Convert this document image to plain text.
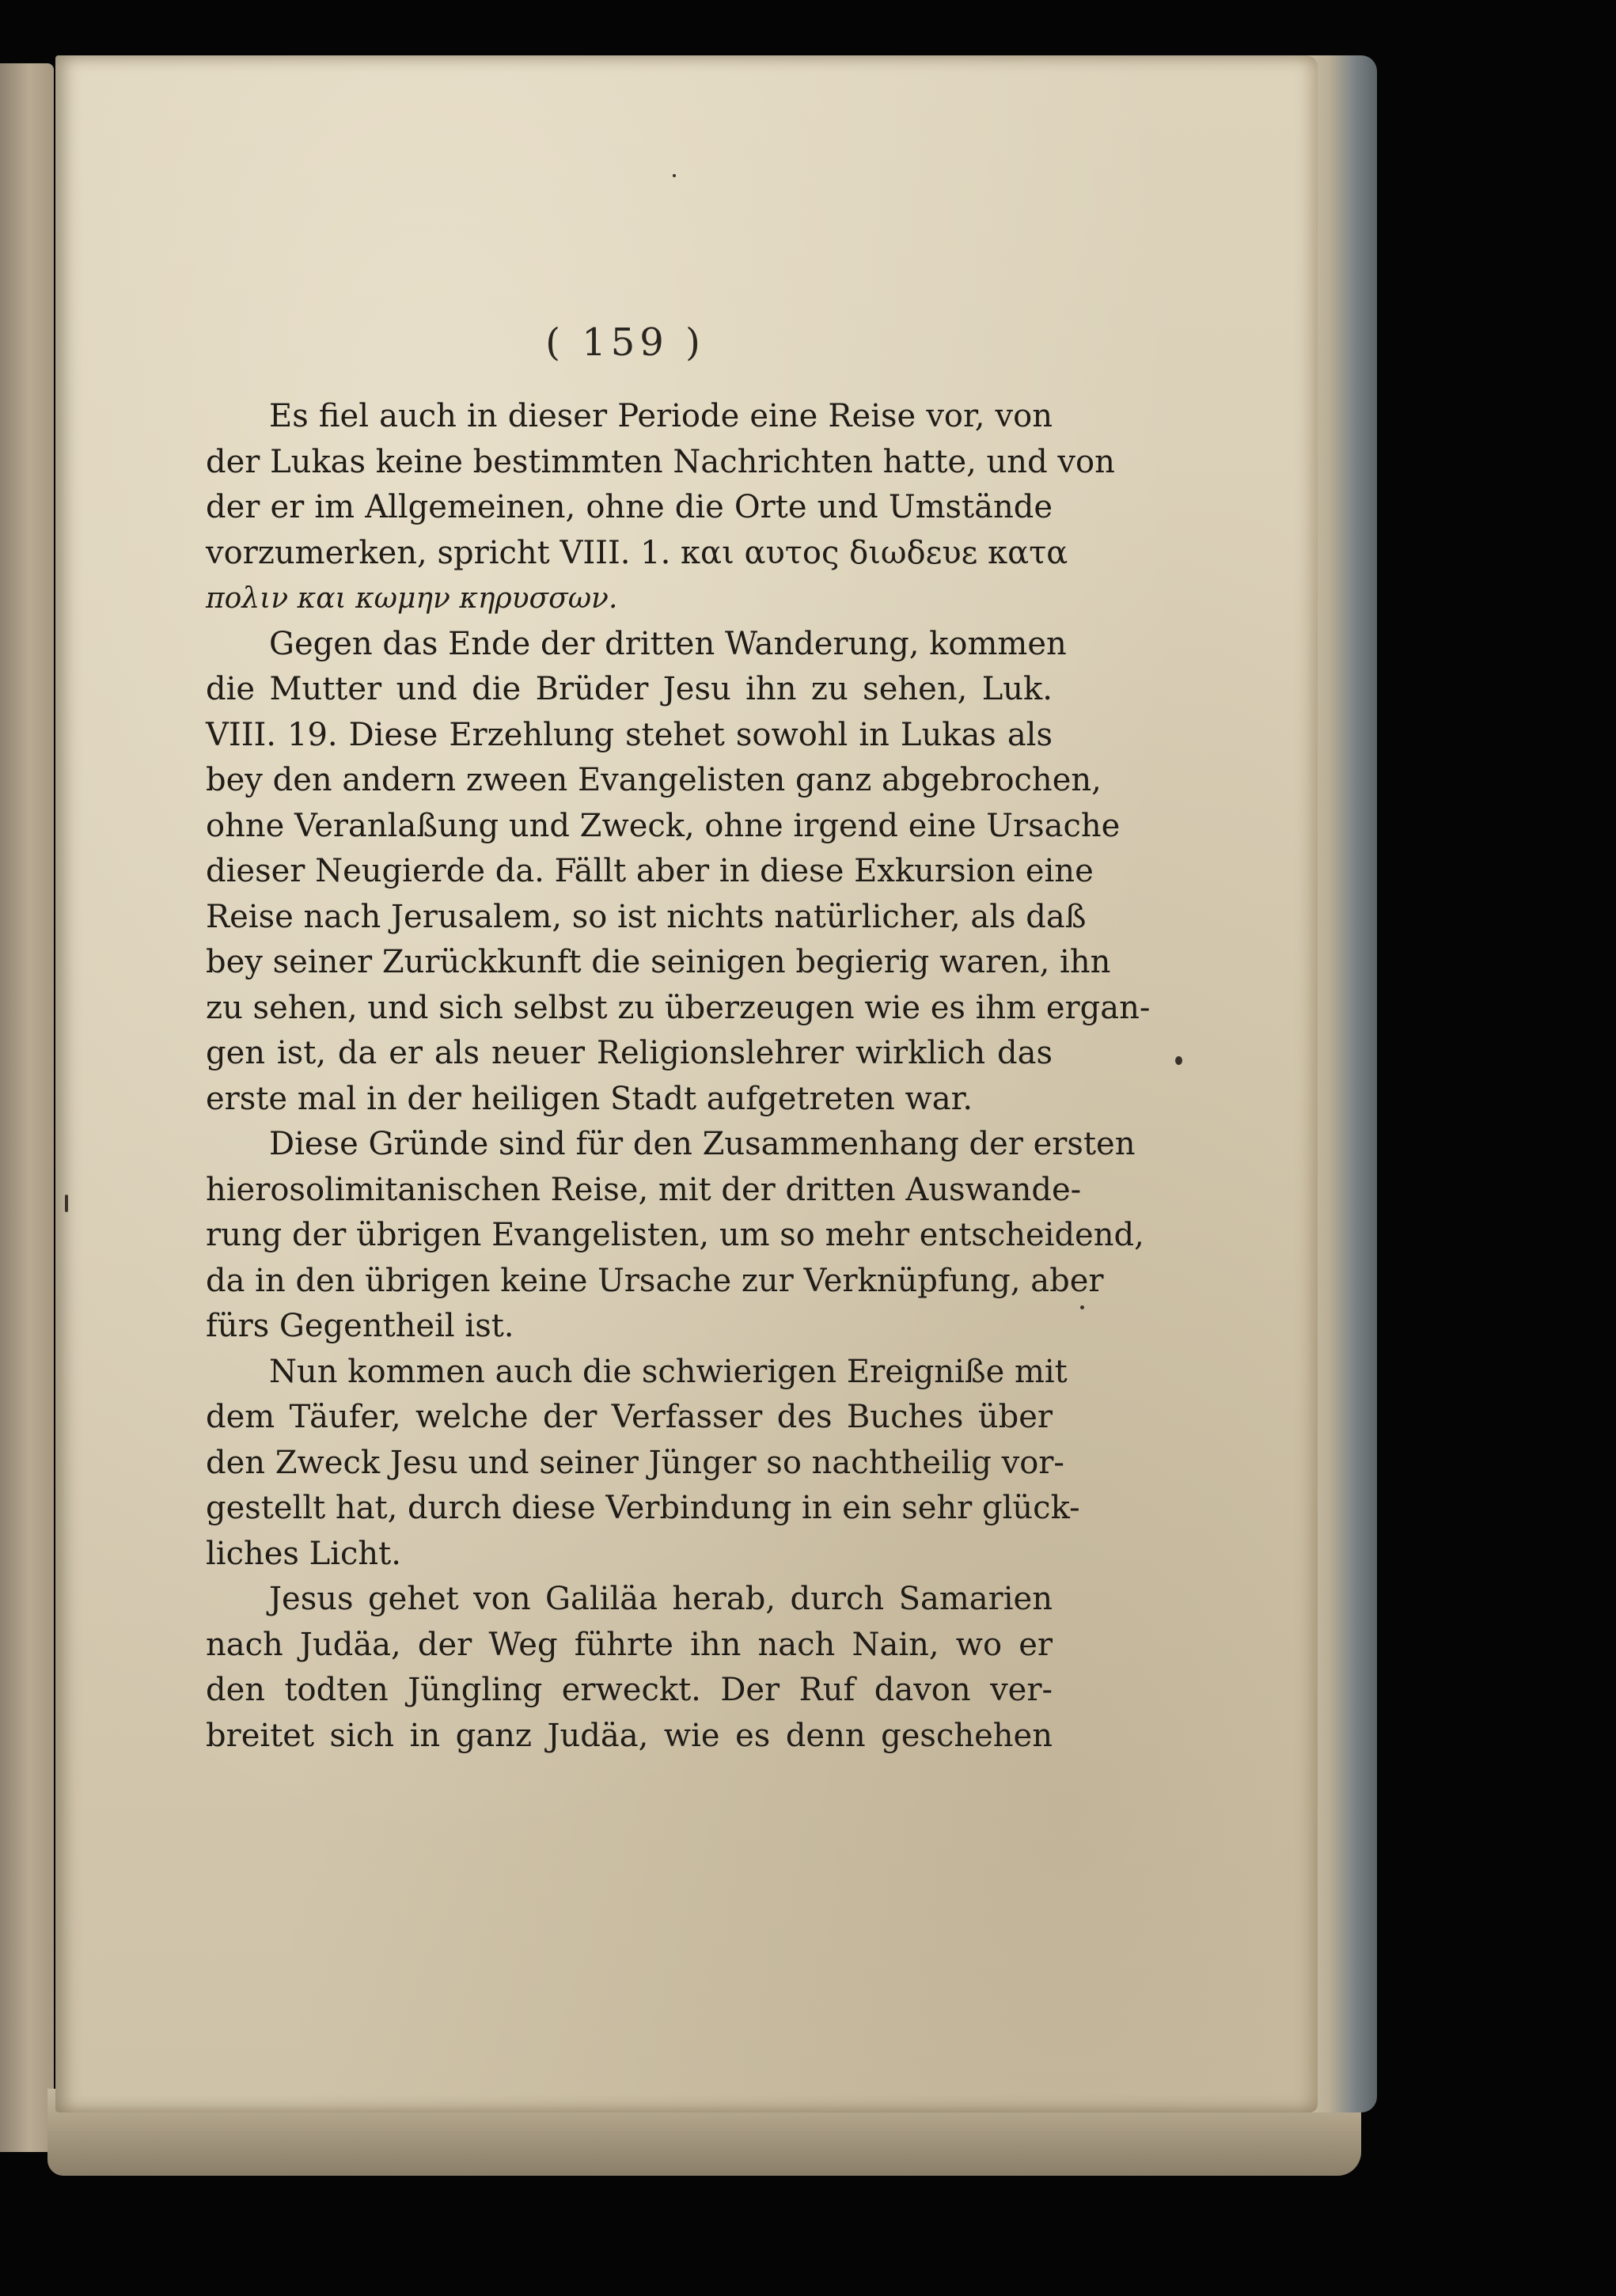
( 159 )
Es fiel auch in dieser Periode eine Reise vor, von
der Lukas keine bestimmten Nachrichten hatte, und von
der er im Allgemeinen, ohne die Orte und Umstände
vorzumerken, spricht VIII. 1. και αυτος διωδευε κατα
πολιν και κωμην κηρυσσων.
Gegen das Ende der dritten Wanderung, kommen
die Mutter und die Brüder Jesu ihn zu sehen, Luk.
VIII. 19. Diese Erzehlung stehet sowohl in Lukas als
bey den andern zween Evangelisten ganz abgebrochen,
ohne Veranlaßung und Zweck, ohne irgend eine Ursache
dieser Neugierde da. Fällt aber in diese Exkursion eine
Reise nach Jerusalem, so ist nichts natürlicher, als daß
bey seiner Zurückkunft die seinigen begierig waren, ihn
zu sehen, und sich selbst zu überzeugen wie es ihm ergan-
gen ist, da er als neuer Religionslehrer wirklich das
erste mal in der heiligen Stadt aufgetreten war.
Diese Gründe sind für den Zusammenhang der ersten
hierosolimitanischen Reise, mit der dritten Auswande-
rung der übrigen Evangelisten, um so mehr entscheidend,
da in den übrigen keine Ursache zur Verknüpfung, aber
fürs Gegentheil ist.
Nun kommen auch die schwierigen Ereigniße mit
dem Täufer, welche der Verfasser des Buches über
den Zweck Jesu und seiner Jünger so nachtheilig vor-
gestellt hat, durch diese Verbindung in ein sehr glück-
liches Licht.
Jesus gehet von Galiläa herab, durch Samarien
nach Judäa, der Weg führte ihn nach Nain, wo er
den todten Jüngling erweckt. Der Ruf davon ver-
breitet sich in ganz Judäa, wie es denn geschehen
